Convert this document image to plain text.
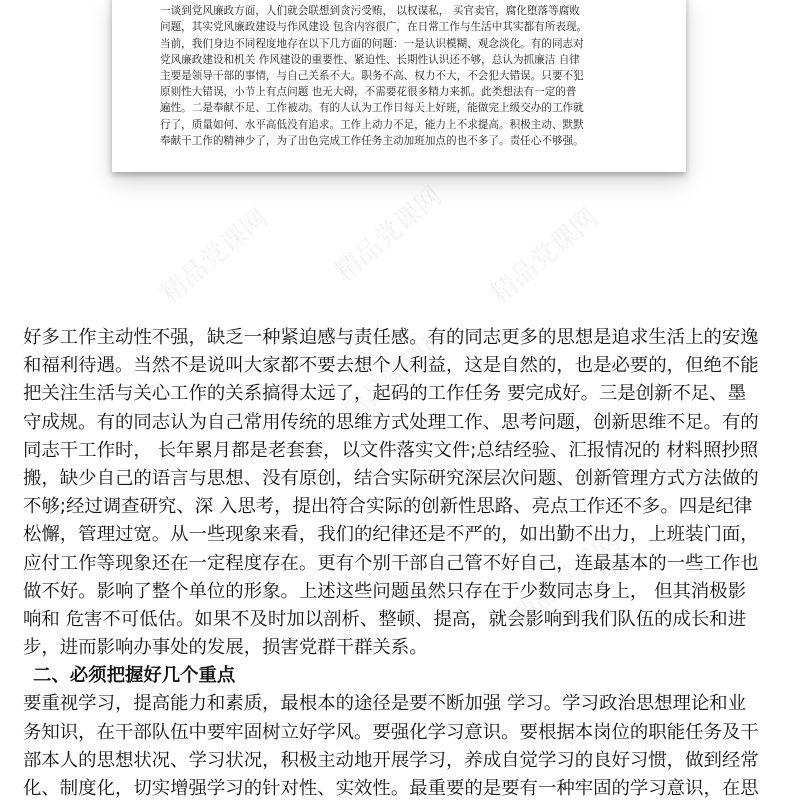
一谈到党风廉政方面，人们就会联想到贪污受贿， 以权谋私， 买官卖官，腐化堕落等腐败
问题，其实党风廉政建设与作风建设 包含内容很广，在日常工作与生活中其实都有所表现。
当前，我们身边不同程度地存在以下几方面的问题：一是认识模糊、观念淡化。有的同志对
党风廉政建设和机关 作风建设的重要性、紧迫性、长期性认识还不够，总认为抓廉洁 自律
主要是领导干部的事情，与自己关系不大。职务不高、权力不大，不会犯大错误。只要不犯
原则性大错误，小节上有点问题 也无大碍，不需要花很多精力来抓。此类想法有一定的普
遍性。二是奉献不足、工作被动。有的人认为工作日每天上好班，能做完上级交办的工作就
行了，质量如何、水平高低没有追求。工作上动力不足，能力上不求提高。积极主动、默默
奉献干工作的精神少了，为了出色完成工作任务主动加班加点的也不多了。责任心不够强。
精品党课网 精品党课网 精品党课网
精品党课网
精品党课网
好多工作主动性不强，缺乏一种紧迫感与责任感。有的同志更多的思想是追求生活上的安逸
和福利待遇。当然不是说叫大家都不要去想个人利益，这是自然的，也是必要的，但绝不能
把关注生活与关心工作的关系搞得太远了，起码的工作任务 要完成好。三是创新不足、墨
守成规。有的同志认为自己常用传统的思维方式处理工作、思考问题，创新思维不足。有的
同志干工作时， 长年累月都是老套套，以文件落实文件;总结经验、汇报情况的 材料照抄照
搬，缺少自己的语言与思想、没有原创，结合实际研究深层次问题、创新管理方式方法做的
不够;经过调查研究、深 入思考，提出符合实际的创新性思路、亮点工作还不多。四是纪律
松懈，管理过宽。从一些现象来看，我们的纪律还是不严的，如出勤不出力，上班装门面，
应付工作等现象还在一定程度存在。更有个别干部自己管不好自己，连最基本的一些工作也
做不好。影响了整个单位的形象。上述这些问题虽然只存在于少数同志身上， 但其消极影
响和 危害不可低估。如果不及时加以剖析、整顿、提高，就会影响到我们队伍的成长和进
步，进而影响办事处的发展，损害党群干群关系。
二、必须把握好几个重点
要重视学习，提高能力和素质，最根本的途径是要不断加强 学习。学习政治思想理论和业
务知识，在干部队伍中要牢固树立好学风。要强化学习意识。要根据本岗位的职能任务及干
部本人的思想状况、学习状况，积极主动地开展学习，养成自觉学习的良好习惯，做到经常
化、制度化，切实增强学习的针对性、实效性。最重要的是要有一种牢固的学习意识，在思
